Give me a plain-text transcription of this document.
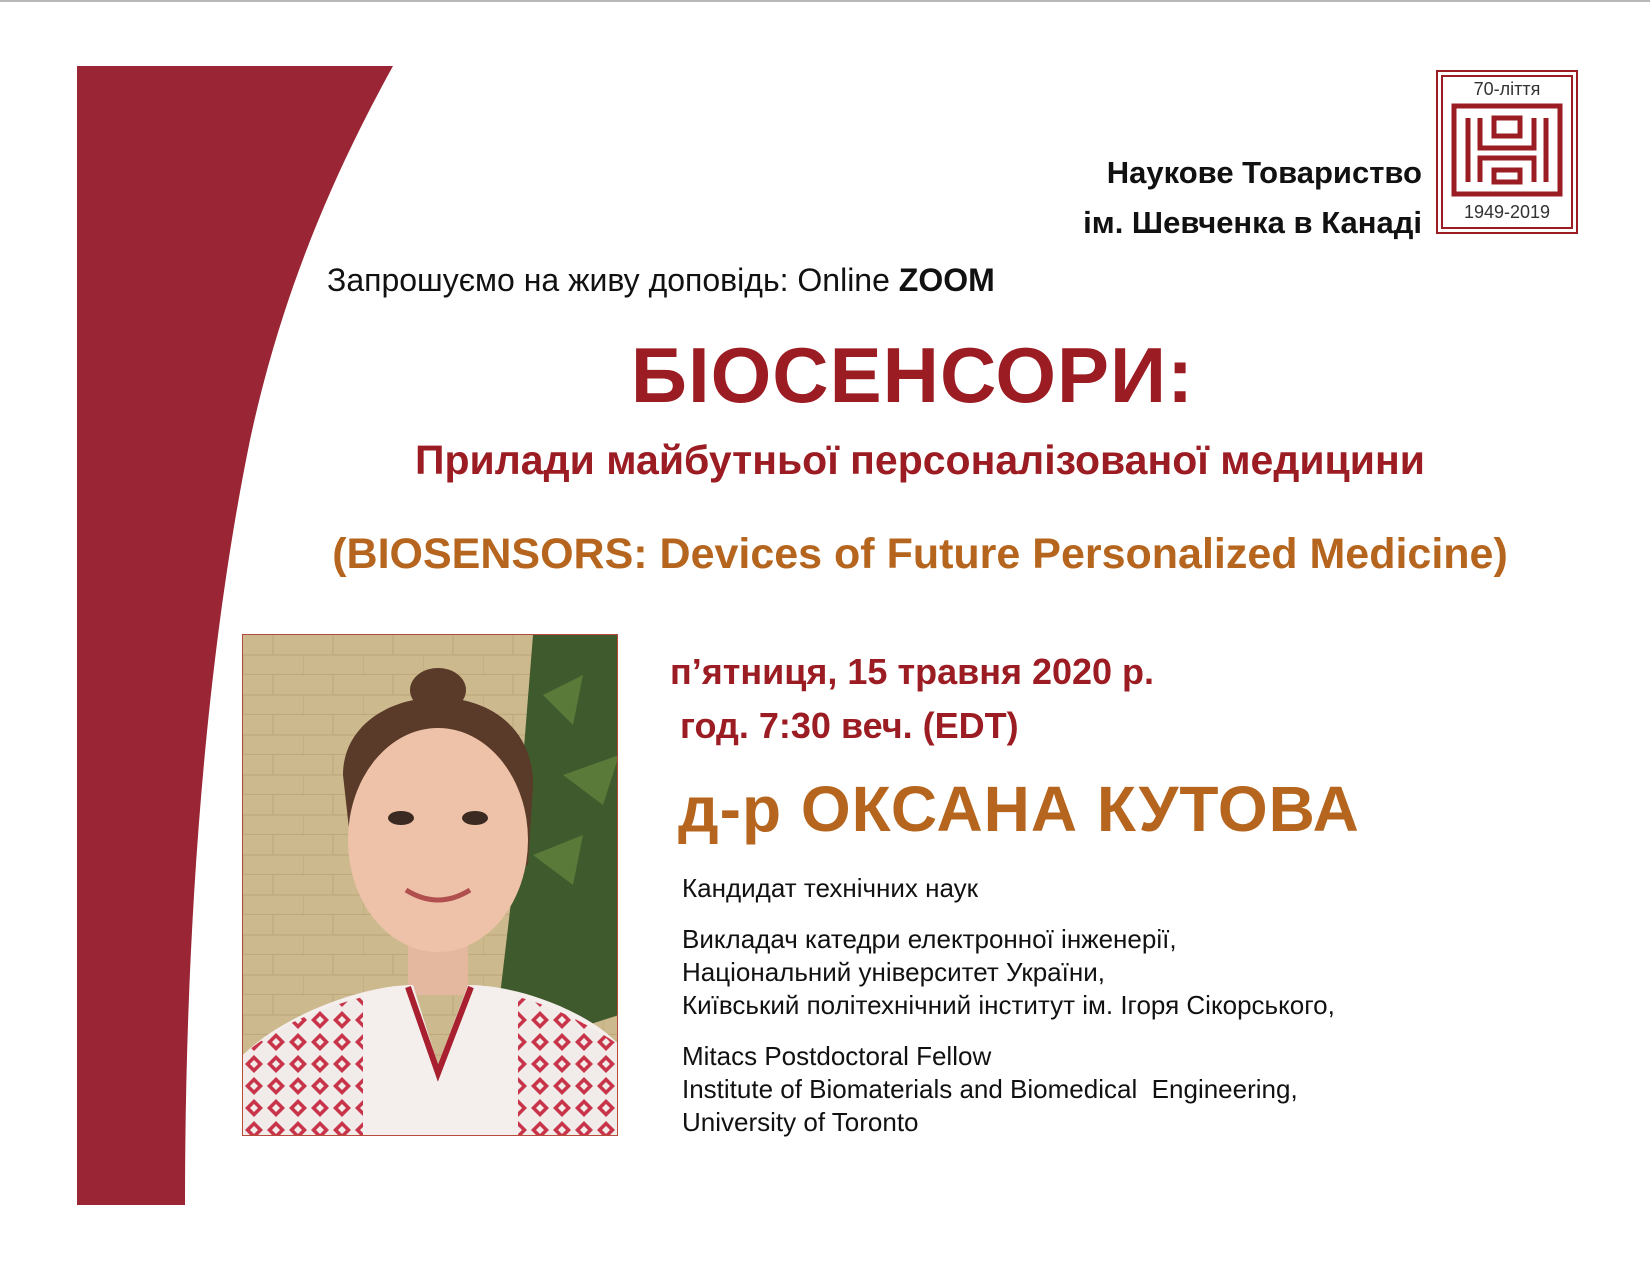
Наукове Товариство
ім. Шевченка в Канаді
70-ліття
1949-2019
Запрошуємо на живу доповідь: Online ZOOM
БІОСЕНСОРИ:
Прилади майбутньої персоналізованої медицини
(BIOSENSORS: Devices of Future Personalized Medicine)
п’ятниця, 15 травня 2020 р.
год. 7:30 веч. (EDT)
д-р ОКСАНА КУТОВА
Кандидат технічних наук
Викладач катедри електронної інженерії,
Національний університет України,
Київський політехнічний інститут ім. Ігоря Сікорського,
Mitacs Postdoctoral Fellow
Institute of Biomaterials and Biomedical  Engineering,
University of Toronto
